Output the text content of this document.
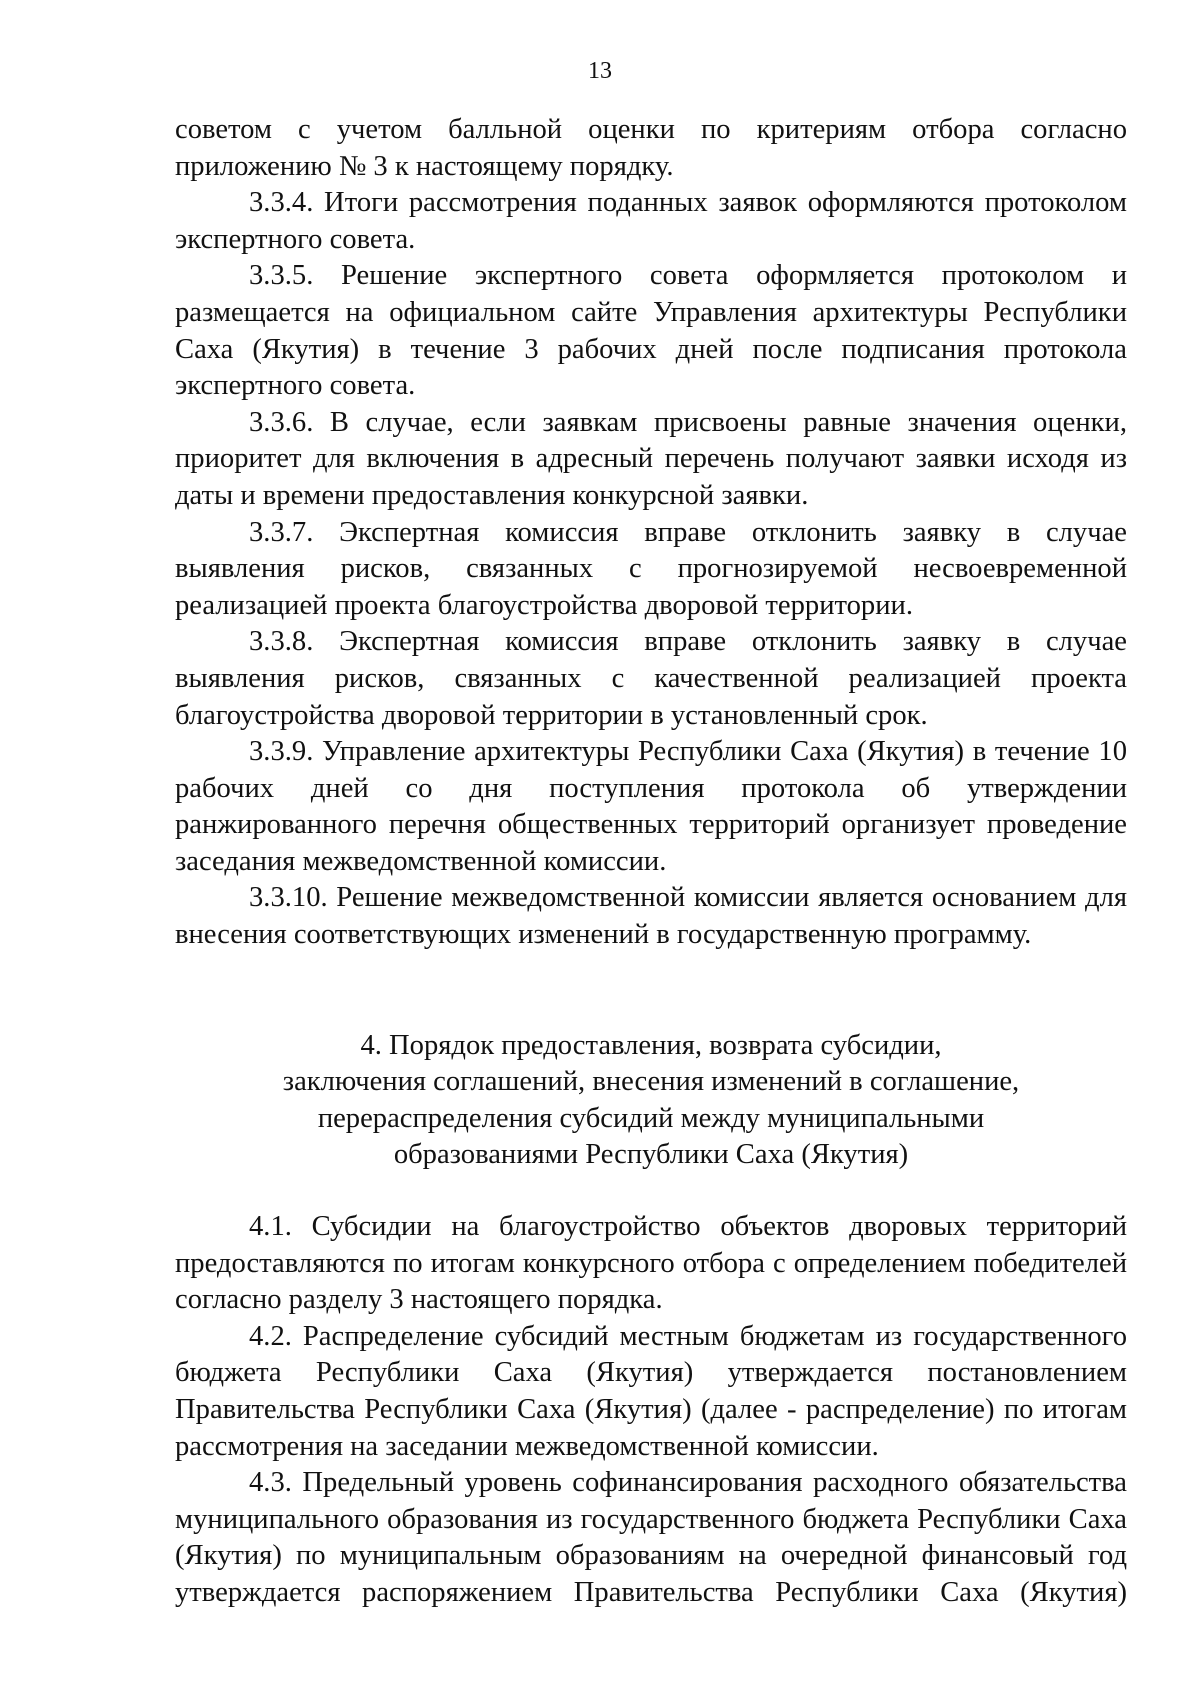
13

советом с учетом балльной оценки по критериям отбора согласно приложению № 3 к настоящему порядку.

3.3.4. Итоги рассмотрения поданных заявок оформляются протоколом экспертного совета.

3.3.5. Решение экспертного совета оформляется протоколом и размещается на официальном сайте Управления архитектуры Республики Саха (Якутия) в течение 3 рабочих дней после подписания протокола экспертного совета.

3.3.6. В случае, если заявкам присвоены равные значения оценки, приоритет для включения в адресный перечень получают заявки исходя из даты и времени предоставления конкурсной заявки.

3.3.7. Экспертная комиссия вправе отклонить заявку в случае выявления рисков, связанных с прогнозируемой несвоевременной реализацией проекта благоустройства дворовой территории.

3.3.8. Экспертная комиссия вправе отклонить заявку в случае выявления рисков, связанных с качественной реализацией проекта благоустройства дворовой территории в установленный срок.

3.3.9. Управление архитектуры Республики Саха (Якутия) в течение 10 рабочих дней со дня поступления протокола об утверждении ранжированного перечня общественных территорий организует проведение заседания межведомственной комиссии.

3.3.10. Решение межведомственной комиссии является основанием для внесения соответствующих изменений в государственную программу.

4. Порядок предоставления, возврата субсидии,
заключения соглашений, внесения изменений в соглашение,
перераспределения субсидий между муниципальными
образованиями Республики Саха (Якутия)

4.1. Субсидии на благоустройство объектов дворовых территорий предоставляются по итогам конкурсного отбора с определением победителей согласно разделу 3 настоящего порядка.

4.2. Распределение субсидий местным бюджетам из государственного бюджета Республики Саха (Якутия) утверждается постановлением Правительства Республики Саха (Якутия) (далее - распределение) по итогам рассмотрения на заседании межведомственной комиссии.

4.3. Предельный уровень софинансирования расходного обязательства муниципального образования из государственного бюджета Республики Саха (Якутия) по муниципальным образованиям на очередной финансовый год утверждается распоряжением Правительства Республики Саха (Якутия)
